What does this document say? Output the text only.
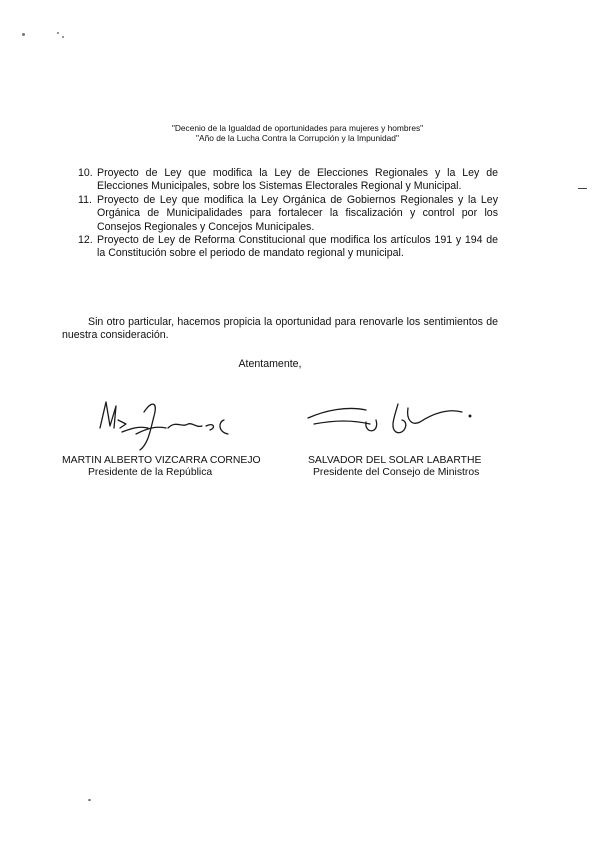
"Decenio de la Igualdad de oportunidades para mujeres y hombres"
"Año de la Lucha Contra la Corrupción y la Impunidad"
10. Proyecto de Ley que modifica la Ley de Elecciones Regionales y la Ley de Elecciones Municipales, sobre los Sistemas Electorales Regional y Municipal.
11. Proyecto de Ley que modifica la Ley Orgánica de Gobiernos Regionales y la Ley Orgánica de Municipalidades para fortalecer la fiscalización y control por los Consejos Regionales y Concejos Municipales.
12. Proyecto de Ley de Reforma Constitucional que modifica los artículos 191 y 194 de la Constitución sobre el periodo de mandato regional y municipal.

Sin otro particular, hacemos propicia la oportunidad para renovarle los sentimientos de nuestra consideración.

Atentamente,
MARTIN ALBERTO VIZCARRA CORNEJO
Presidente de la República
SALVADOR DEL SOLAR LABARTHE
Presidente del Consejo de Ministros
